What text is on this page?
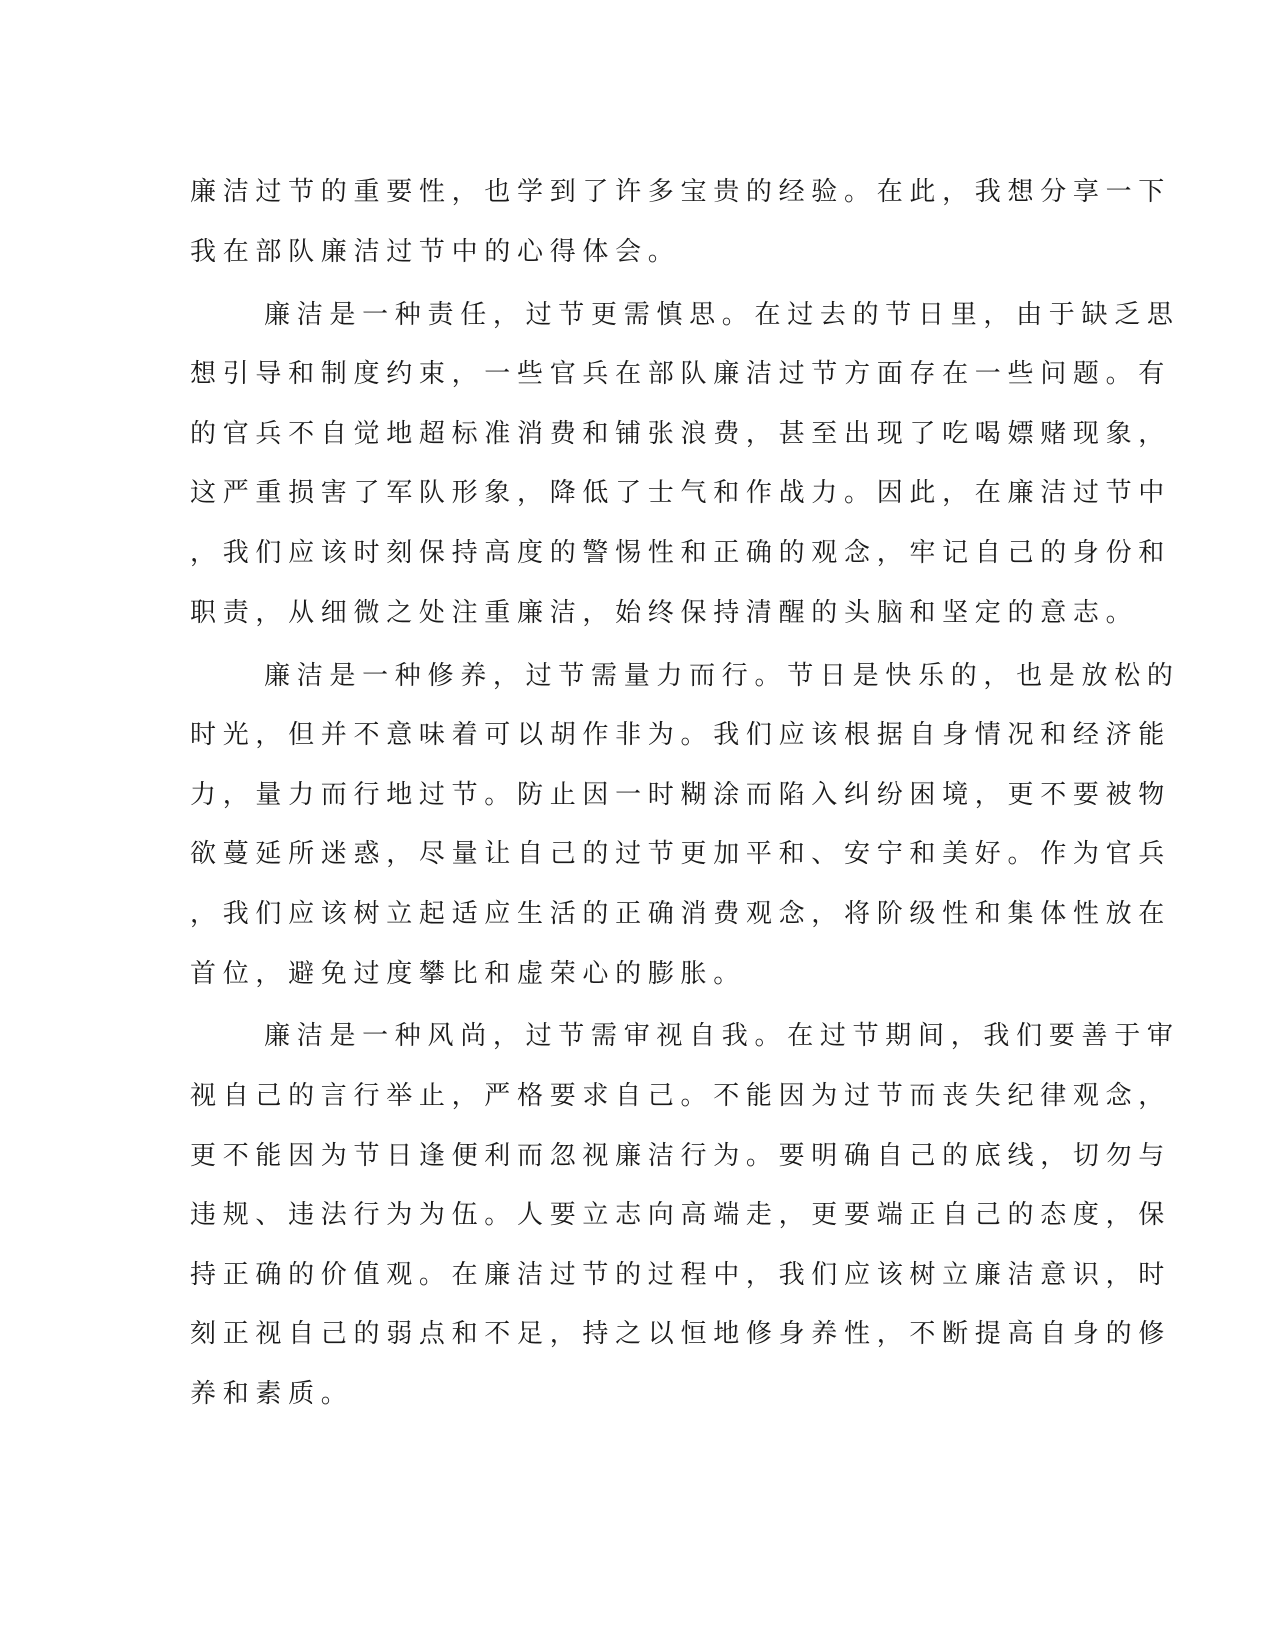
廉洁过节的重要性，也学到了许多宝贵的经验。在此，我想分享一下
我在部队廉洁过节中的心得体会。
廉洁是一种责任，过节更需慎思。在过去的节日里，由于缺乏思
想引导和制度约束，一些官兵在部队廉洁过节方面存在一些问题。有
的官兵不自觉地超标准消费和铺张浪费，甚至出现了吃喝嫖赌现象，
这严重损害了军队形象，降低了士气和作战力。因此，在廉洁过节中
，我们应该时刻保持高度的警惕性和正确的观念，牢记自己的身份和
职责，从细微之处注重廉洁，始终保持清醒的头脑和坚定的意志。
廉洁是一种修养，过节需量力而行。节日是快乐的，也是放松的
时光，但并不意味着可以胡作非为。我们应该根据自身情况和经济能
力，量力而行地过节。防止因一时糊涂而陷入纠纷困境，更不要被物
欲蔓延所迷惑，尽量让自己的过节更加平和、安宁和美好。作为官兵
，我们应该树立起适应生活的正确消费观念，将阶级性和集体性放在
首位，避免过度攀比和虚荣心的膨胀。
廉洁是一种风尚，过节需审视自我。在过节期间，我们要善于审
视自己的言行举止，严格要求自己。不能因为过节而丧失纪律观念，
更不能因为节日逢便利而忽视廉洁行为。要明确自己的底线，切勿与
违规、违法行为为伍。人要立志向高端走，更要端正自己的态度，保
持正确的价值观。在廉洁过节的过程中，我们应该树立廉洁意识，时
刻正视自己的弱点和不足，持之以恒地修身养性，不断提高自身的修
养和素质。
